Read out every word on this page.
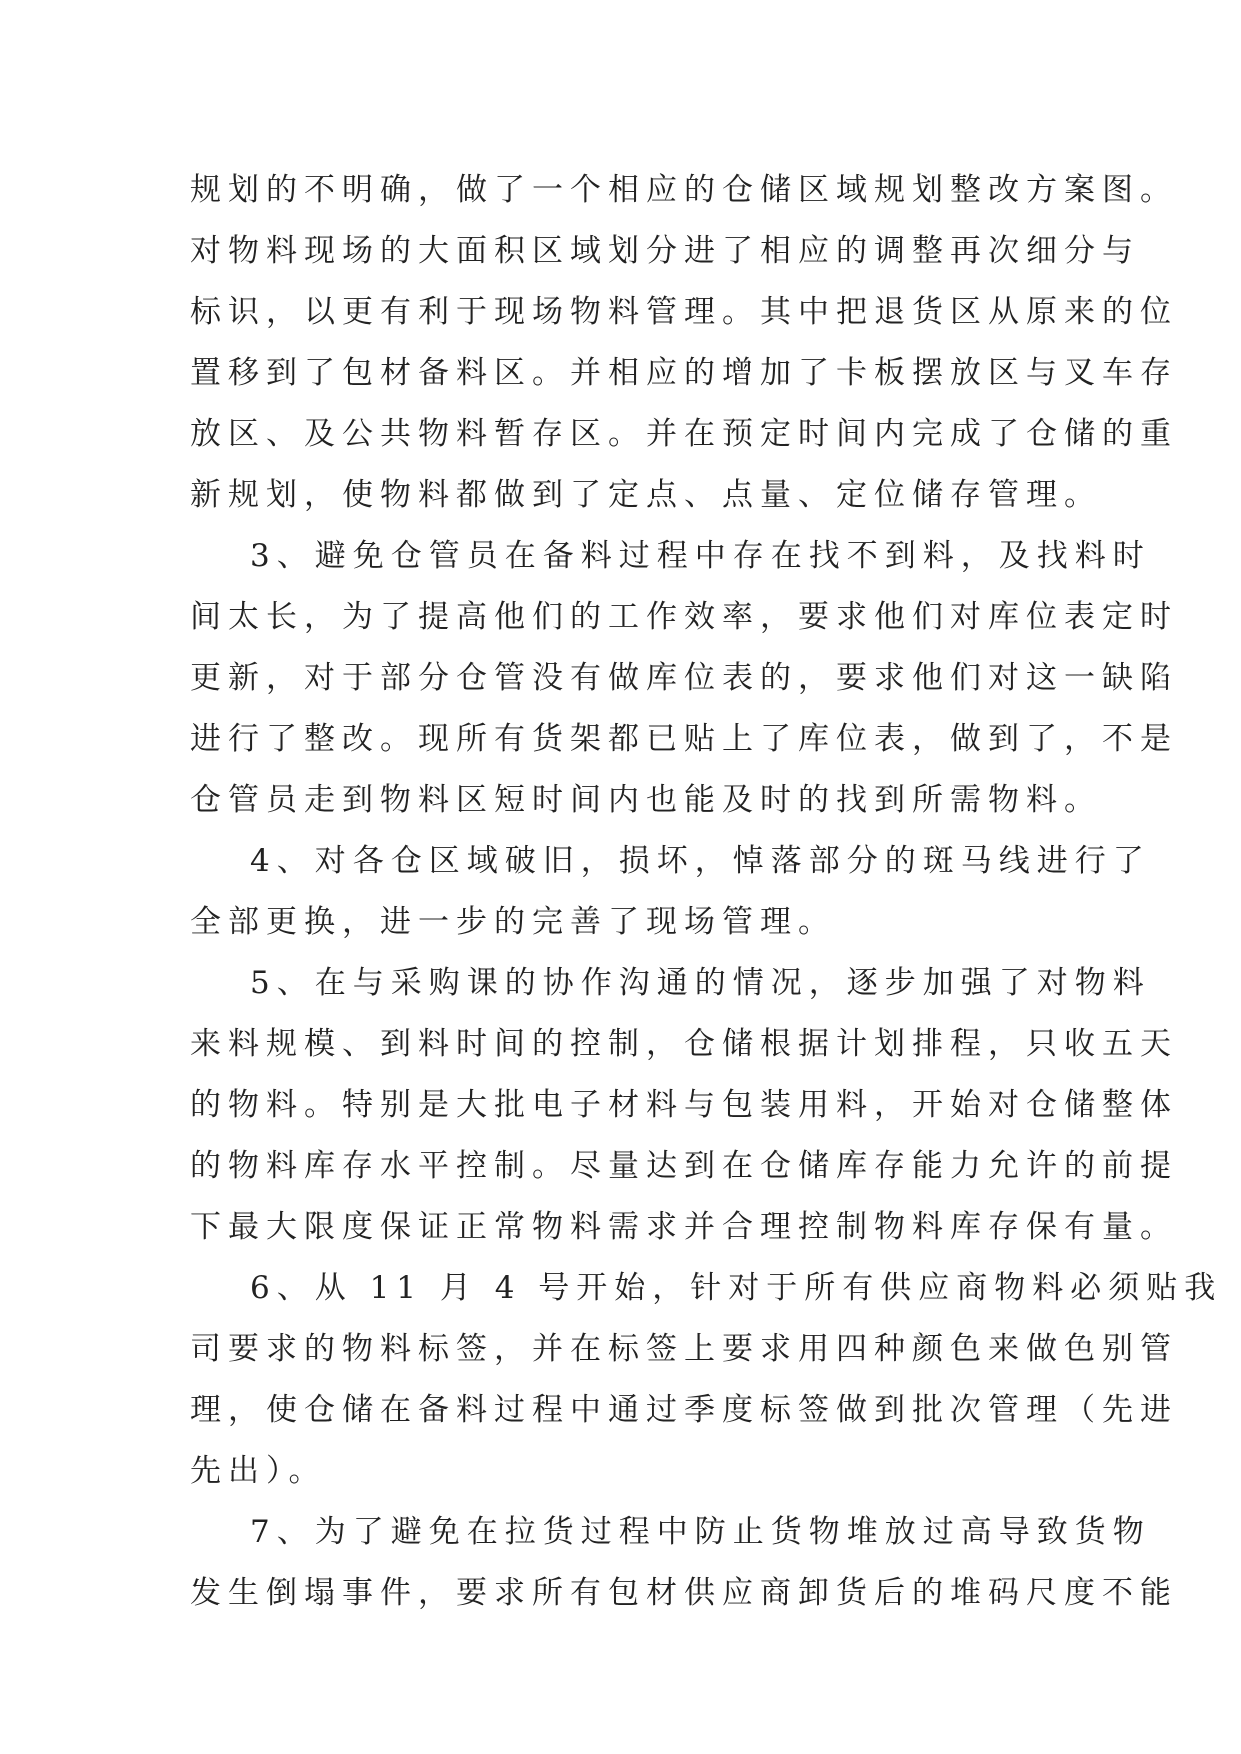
规划的不明确，做了一个相应的仓储区域规划整改方案图。
对物料现场的大面积区域划分进了相应的调整再次细分与
标识，以更有利于现场物料管理。其中把退货区从原来的位
置移到了包材备料区。并相应的增加了卡板摆放区与叉车存
放区、及公共物料暂存区。并在预定时间内完成了仓储的重
新规划，使物料都做到了定点、点量、定位储存管理。
3、避免仓管员在备料过程中存在找不到料，及找料时
间太长，为了提高他们的工作效率，要求他们对库位表定时
更新，对于部分仓管没有做库位表的，要求他们对这一缺陷
进行了整改。现所有货架都已贴上了库位表，做到了，不是
仓管员走到物料区短时间内也能及时的找到所需物料。
4、对各仓区域破旧，损坏，悼落部分的斑马线进行了
全部更换，进一步的完善了现场管理。
5、在与采购课的协作沟通的情况，逐步加强了对物料
来料规模、到料时间的控制，仓储根据计划排程，只收五天
的物料。特别是大批电子材料与包装用料，开始对仓储整体
的物料库存水平控制。尽量达到在仓储库存能力允许的前提
下最大限度保证正常物料需求并合理控制物料库存保有量。
6、从 11 月 4 号开始，针对于所有供应商物料必须贴我
司要求的物料标签，并在标签上要求用四种颜色来做色别管
理，使仓储在备料过程中通过季度标签做到批次管理（先进
先出）。
7、为了避免在拉货过程中防止货物堆放过高导致货物
发生倒塌事件，要求所有包材供应商卸货后的堆码尺度不能
